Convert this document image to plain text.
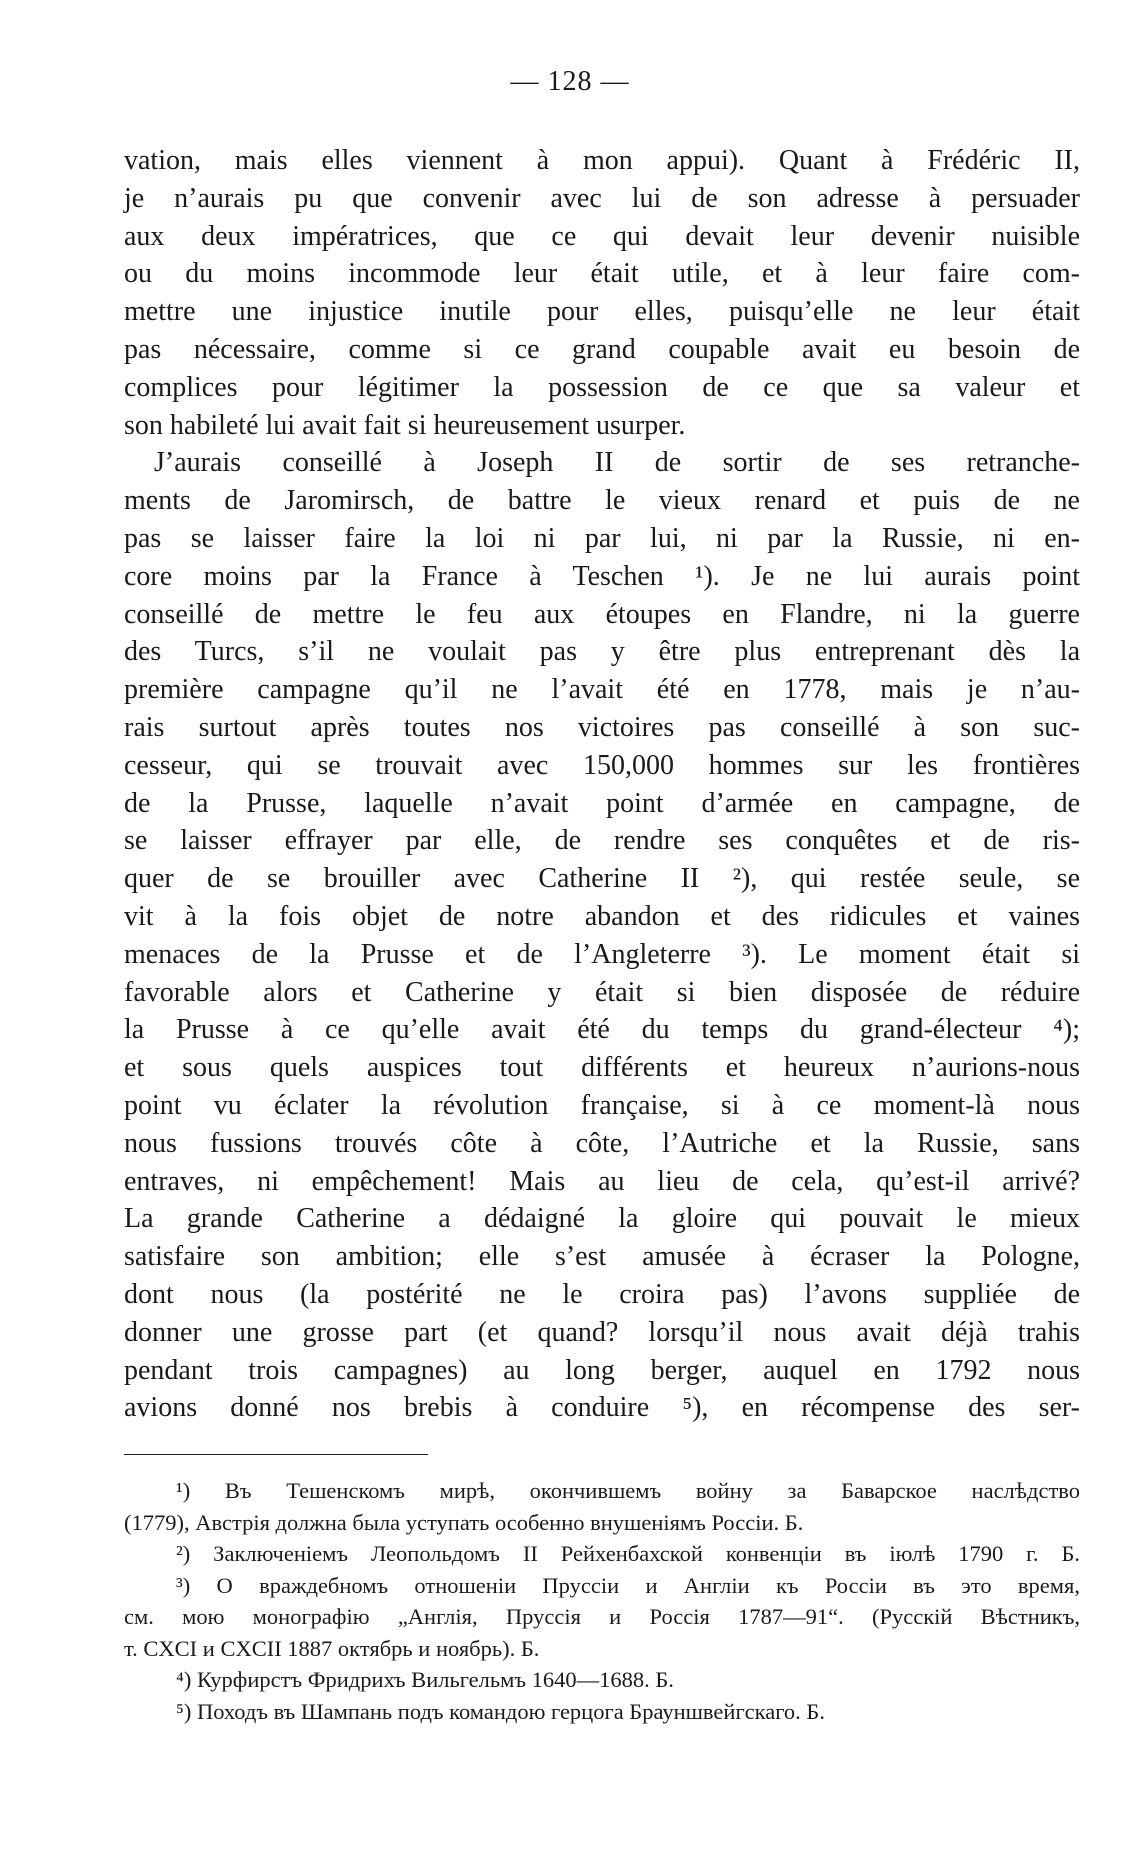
— 128 —
vation, mais elles viennent à mon appui). Quant à Frédéric II,
je n’aurais pu que convenir avec lui de son adresse à persuader
aux deux impératrices, que ce qui devait leur devenir nuisible
ou du moins incommode leur était utile, et à leur faire com-
mettre une injustice inutile pour elles, puisqu’elle ne leur était
pas nécessaire, comme si ce grand coupable avait eu besoin de
complices pour légitimer la possession de ce que sa valeur et
son habileté lui avait fait si heureusement usurper.
J’aurais conseillé à Joseph II de sortir de ses retranche-
ments de Jaromirsch, de battre le vieux renard et puis de ne
pas se laisser faire la loi ni par lui, ni par la Russie, ni en-
core moins par la France à Teschen ¹). Je ne lui aurais point
conseillé de mettre le feu aux étoupes en Flandre, ni la guerre
des Turcs, s’il ne voulait pas y être plus entreprenant dès la
première campagne qu’il ne l’avait été en 1778, mais je n’au-
rais surtout après toutes nos victoires pas conseillé à son suc-
cesseur, qui se trouvait avec 150,000 hommes sur les frontières
de la Prusse, laquelle n’avait point d’armée en campagne, de
se laisser effrayer par elle, de rendre ses conquêtes et de ris-
quer de se brouiller avec Catherine II ²), qui restée seule, se
vit à la fois objet de notre abandon et des ridicules et vaines
menaces de la Prusse et de l’Angleterre ³). Le moment était si
favorable alors et Catherine y était si bien disposée de réduire
la Prusse à ce qu’elle avait été du temps du grand-électeur ⁴);
et sous quels auspices tout différents et heureux n’aurions-nous
point vu éclater la révolution française, si à ce moment-là nous
nous fussions trouvés côte à côte, l’Autriche et la Russie, sans
entraves, ni empêchement! Mais au lieu de cela, qu’est-il arrivé?
La grande Catherine a dédaigné la gloire qui pouvait le mieux
satisfaire son ambition; elle s’est amusée à écraser la Pologne,
dont nous (la postérité ne le croira pas) l’avons suppliée de
donner une grosse part (et quand? lorsqu’il nous avait déjà trahis
pendant trois campagnes) au long berger, auquel en 1792 nous
avions donné nos brebis à conduire ⁵), en récompense des ser-
¹) Въ Тешенскомъ мирѣ, окончившемъ войну за Баварское наслѣдство
(1779), Австрія должна была уступать особенно внушеніямъ Россіи. Б.
²) Заключеніемъ Леопольдомъ II Рейхенбахской конвенціи въ іюлѣ 1790 г. Б.
³) О враждебномъ отношеніи Пруссіи и Англіи къ Россіи въ это время,
см. мою монографію „Англія, Пруссія и Россія 1787—91“. (Русскій Вѣстникъ,
т. CXCI и CXCII 1887 октябрь и ноябрь). Б.
⁴) Курфирстъ Фридрихъ Вильгельмъ 1640—1688. Б.
⁵) Походъ въ Шампань подъ командою герцога Брауншвейгскаго. Б.
